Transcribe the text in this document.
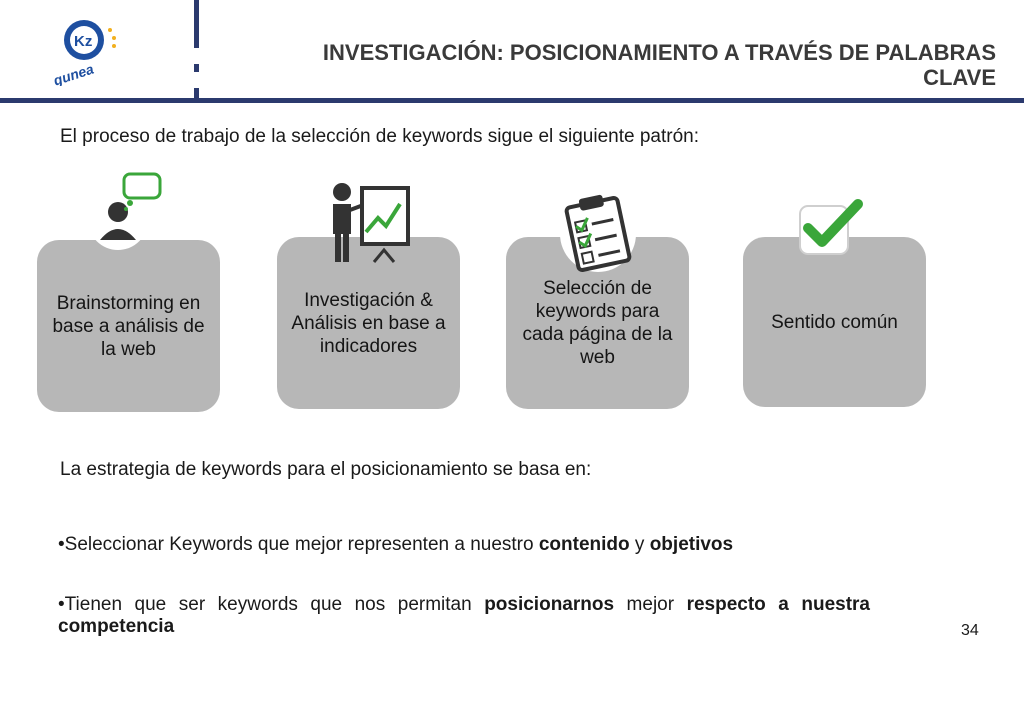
Kz
gunea
INVESTIGACIÓN: POSICIONAMIENTO A TRAVÉS DE PALABRAS CLAVE
El proceso de trabajo de la selección de keywords sigue el siguiente patrón:
Brainstorming en base a análisis de la web
Investigación & Análisis en base a indicadores
Selección de keywords para cada página de la web
Sentido común
La estrategia de keywords para el posicionamiento se basa en:
•Seleccionar Keywords que mejor representen a nuestro contenido y objetivos
•Tienen que ser keywords que nos permitan posicionarnos mejor respecto a nuestra competencia	34
